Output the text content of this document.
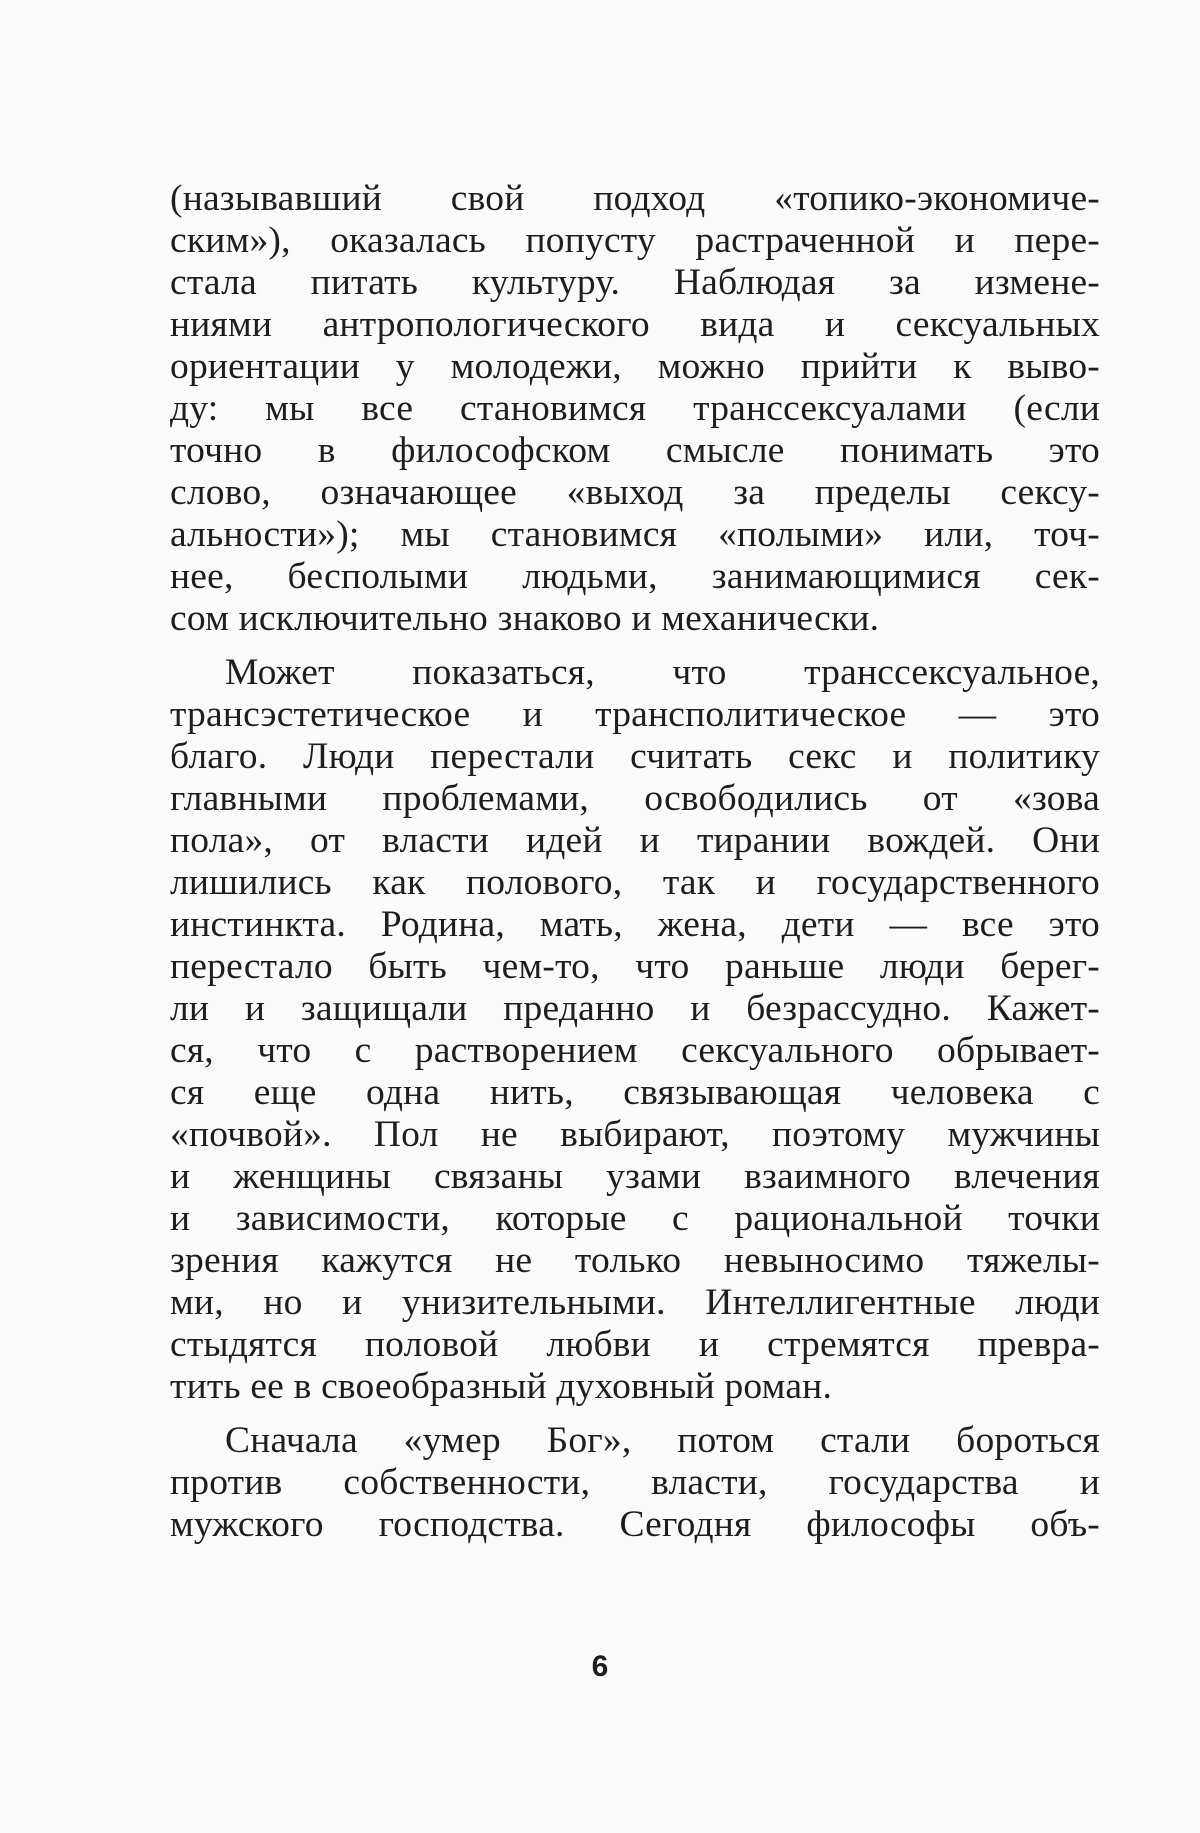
(называвший свой подход «топико-экономиче-
ским»), оказалась попусту растраченной и пере-
стала питать культуру. Наблюдая за измене-
ниями антропологического вида и сексуальных
ориентации у молодежи, можно прийти к выво-
ду: мы все становимся транссексуалами (если
точно в философском смысле понимать это
слово, означающее «выход за пределы сексу-
альности»); мы становимся «полыми» или, точ-
нее, бесполыми людьми, занимающимися сек-
сом исключительно знаково и механически.
Может показаться, что транссексуальное,
трансэстетическое и трансполитическое — это
благо. Люди перестали считать секс и политику
главными проблемами, освободились от «зова
пола», от власти идей и тирании вождей. Они
лишились как полового, так и государственного
инстинкта. Родина, мать, жена, дети — все это
перестало быть чем-то, что раньше люди берег-
ли и защищали преданно и безрассудно. Кажет-
ся, что с растворением сексуального обрывает-
ся еще одна нить, связывающая человека с
«почвой». Пол не выбирают, поэтому мужчины
и женщины связаны узами взаимного влечения
и зависимости, которые с рациональной точки
зрения кажутся не только невыносимо тяжелы-
ми, но и унизительными. Интеллигентные люди
стыдятся половой любви и стремятся превра-
тить ее в своеобразный духовный роман.
Сначала «умер Бог», потом стали бороться
против собственности, власти, государства и
мужского господства. Сегодня философы объ-
6
